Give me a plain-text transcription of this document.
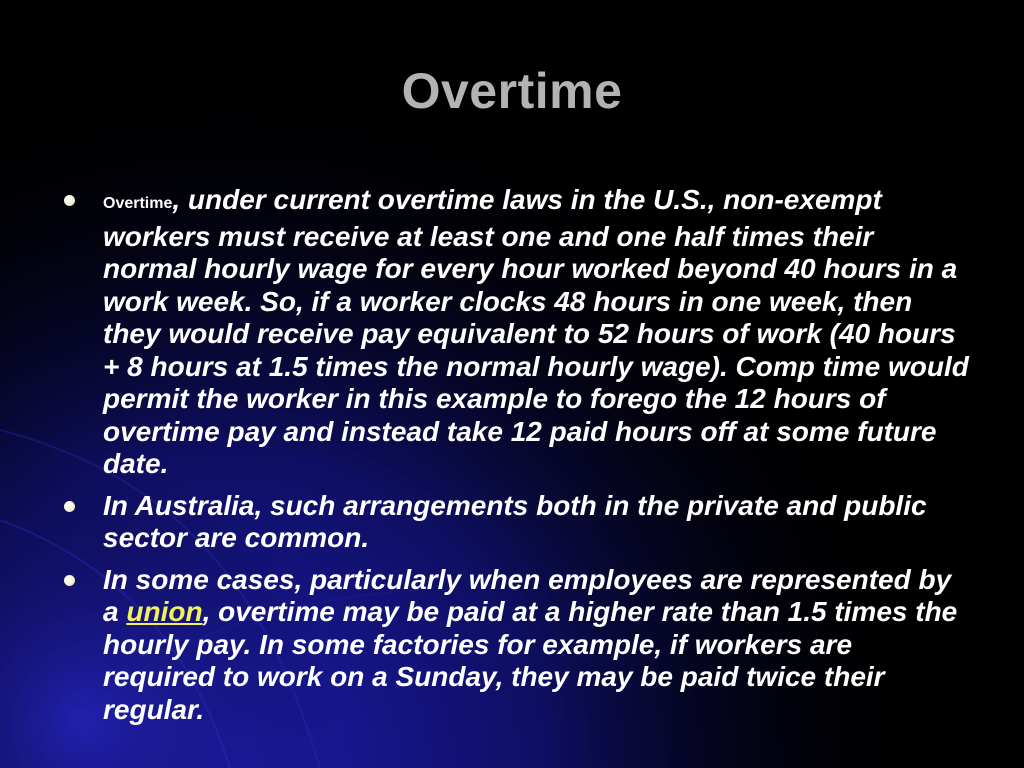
Overtime
Overtime, under current overtime laws in the U.S., non-exempt workers must receive at least one and one half times their normal hourly wage for every hour worked beyond 40 hours in a work week. So, if a worker clocks 48 hours in one week, then they would receive pay equivalent to 52 hours of work (40 hours + 8 hours at 1.5 times the normal hourly wage). Comp time would permit the worker in this example to forego the 12 hours of overtime pay and instead take 12 paid hours off at some future date.
In Australia, such arrangements both in the private and public sector are common.
In some cases, particularly when employees are represented by a union, overtime may be paid at a higher rate than 1.5 times the hourly pay. In some factories for example, if workers are required to work on a Sunday, they may be paid twice their regular.
